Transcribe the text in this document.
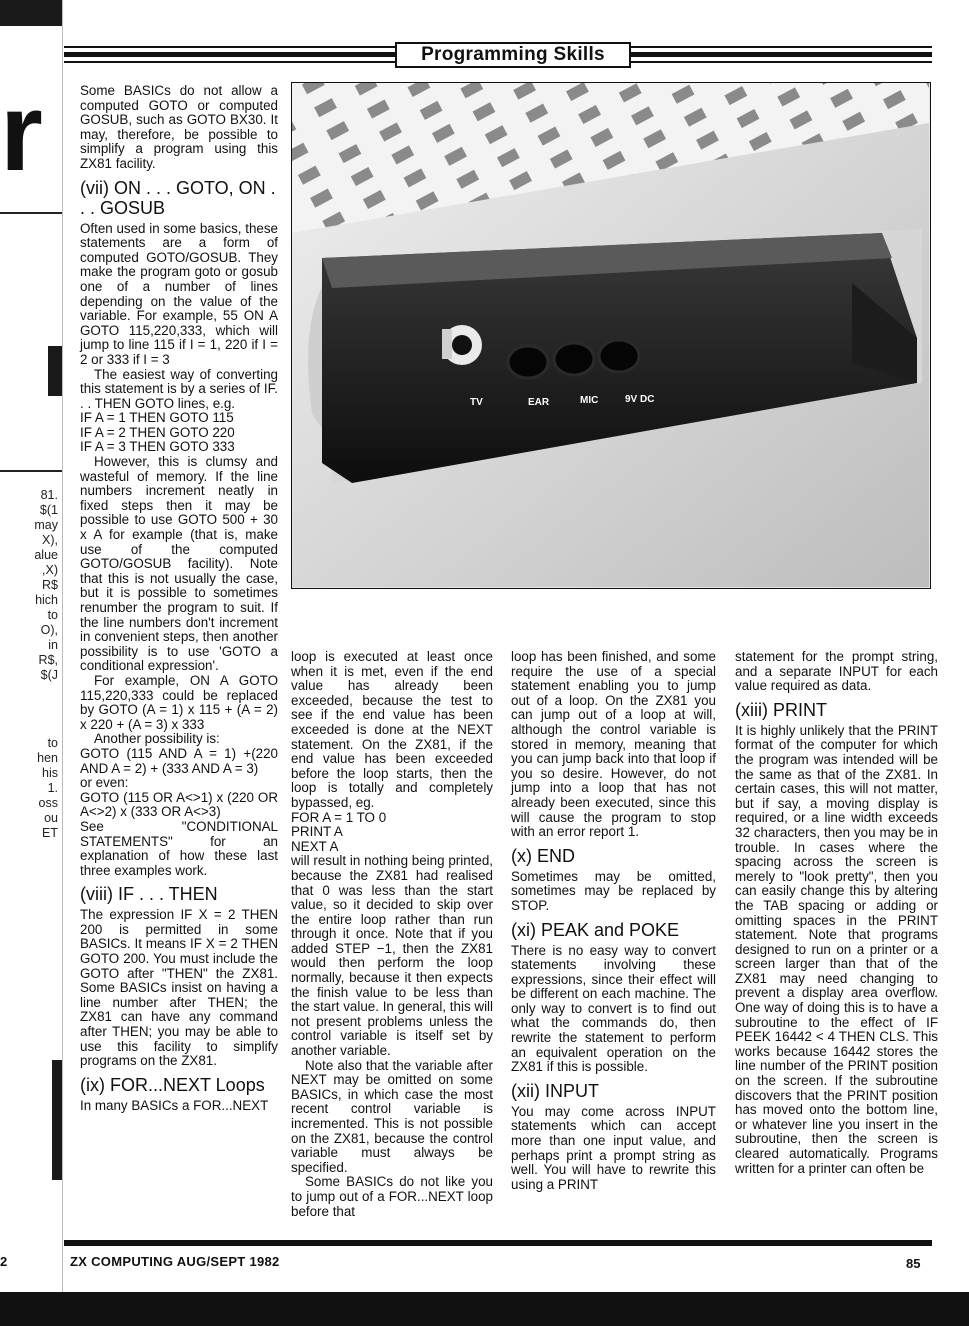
r
81.
$(1
may
X),
alue
,X)
R$
hich
to
O),
in
R$,
$(J
to
hen
his
1.
oss
ou
ET
2
Programming Skills
TV	EAR	MIC	9V DC

Some BASICs do not allow a computed GOTO or computed GOSUB, such as GOTO BX30. It may, therefore, be possible to simplify a program using this ZX81 facility.

(vii) ON . . . GOTO, ON . . . GOSUB

Often used in some basics, these statements are a form of computed GOTO/GOSUB. They make the program goto or gosub one of a number of lines depending on the value of the variable. For example, 55 ON A GOTO 115,220,333, which will jump to line 115 if I = 1, 220 if I = 2 or 333 if I = 3

The easiest way of converting this statement is by a series of IF. . . THEN GOTO lines, e.g.

IF A = 1 THEN GOTO 115

IF A = 2 THEN GOTO 220

IF A = 3 THEN GOTO 333

However, this is clumsy and wasteful of memory. If the line numbers increment neatly in fixed steps then it may be possible to use GOTO 500 + 30 x A for example (that is, make use of the computed GOTO/GOSUB facility). Note that this is not usually the case, but it is possible to sometimes renumber the program to suit. If the line numbers don't increment in convenient steps, then another possibility is to use 'GOTO a conditional expression'.

For example, ON A GOTO 115,220,333 could be replaced by GOTO (A = 1) x 115 + (A = 2) x 220 + (A = 3) x 333

Another possibility is:

GOTO (115 AND A = 1) +(220 AND A = 2) + (333 AND A = 3)

or even:

GOTO (115 OR A<>1) x (220 OR A<>2) x (333 OR A<>3)

See "CONDITIONAL STATEMENTS" for an explanation of how these last three examples work.

(viii) IF . . . THEN

The expression IF X = 2 THEN 200 is permitted in some BASICs. It means IF X = 2 THEN GOTO 200. You must include the GOTO after "THEN" the ZX81. Some BASICs insist on having a line number after THEN; the ZX81 can have any command after THEN; you may be able to use this facility to simplify programs on the ZX81.

(ix) FOR...NEXT Loops

In many BASICs a FOR...NEXT

loop is executed at least once when it is met, even if the end value has already been exceeded, because the test to see if the end value has been exceeded is done at the NEXT statement. On the ZX81, if the end value has been exceeded before the loop starts, then the loop is totally and completely bypassed, eg.

FOR A = 1 TO 0

PRINT A

NEXT A

will result in nothing being printed, because the ZX81 had realised that 0 was less than the start value, so it decided to skip over the entire loop rather than run through it once. Note that if you added STEP −1, then the ZX81 would then perform the loop normally, because it then expects the finish value to be less than the start value. In general, this will not present problems unless the control variable is itself set by another variable.

Note also that the variable after NEXT may be omitted on some BASICs, in which case the most recent control variable is incremented. This is not possible on the ZX81, because the control variable must always be specified.

Some BASICs do not like you to jump out of a FOR...NEXT loop before that

loop has been finished, and some require the use of a special statement enabling you to jump out of a loop. On the ZX81 you can jump out of a loop at will, although the control variable is stored in memory, meaning that you can jump back into that loop if you so desire. However, do not jump into a loop that has not already been executed, since this will cause the program to stop with an error report 1.

(x) END

Sometimes may be omitted, sometimes may be replaced by STOP.

(xi) PEAK and POKE

There is no easy way to convert statements involving these expressions, since their effect will be different on each machine. The only way to convert is to find out what the commands do, then rewrite the statement to perform an equivalent operation on the ZX81 if this is possible.

(xii) INPUT

You may come across INPUT statements which can accept more than one input value, and perhaps print a prompt string as well. You will have to rewrite this using a PRINT

statement for the prompt string, and a separate INPUT for each value required as data.

(xiii) PRINT

It is highly unlikely that the PRINT format of the computer for which the program was intended will be the same as that of the ZX81. In certain cases, this will not matter, but if say, a moving display is required, or a line width exceeds 32 characters, then you may be in trouble. In cases where the spacing across the screen is merely to "look pretty", then you can easily change this by altering the TAB spacing or adding or omitting spaces in the PRINT statement. Note that programs designed to run on a printer or a screen larger than that of the ZX81 may need changing to prevent a display area overflow. One way of doing this is to have a subroutine to the effect of IF PEEK 16442 < 4 THEN CLS. This works because 16442 stores the line number of the PRINT position on the screen. If the subroutine discovers that the PRINT position has moved onto the bottom line, or whatever line you insert in the subroutine, then the screen is cleared automatically. Programs written for a printer can often be

ZX COMPUTING AUG/SEPT 1982	85
